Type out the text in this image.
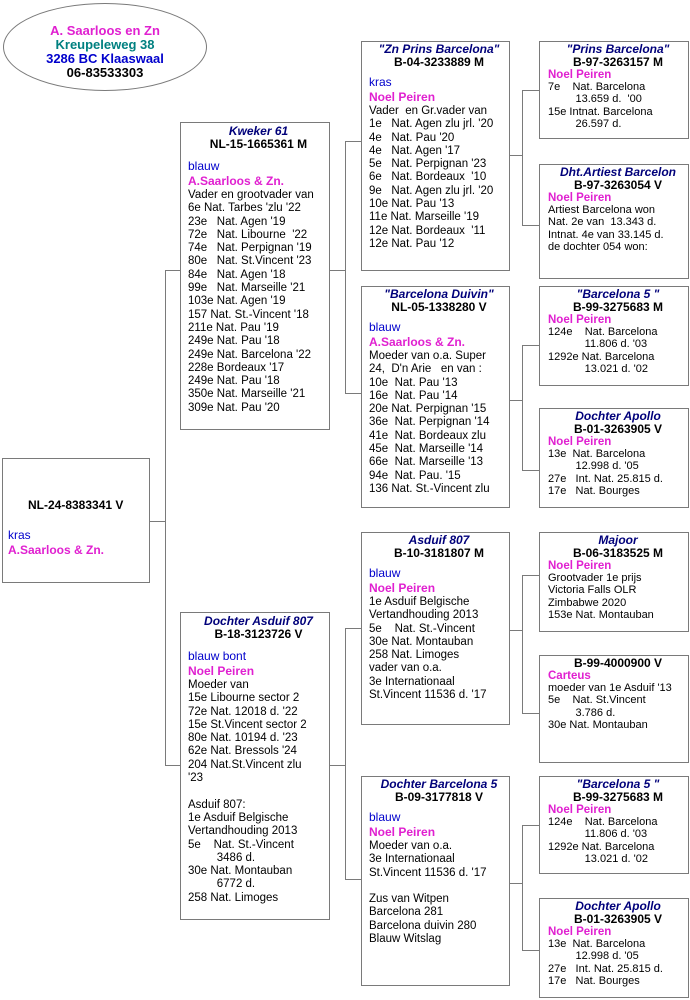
A. Saarloos en Zn
Kreupeleweg 38
3286 BC Klaaswaal
06-83533303
NL-24-8383341 V
kras
A.Saarloos & Zn.
Kweker 61
NL-15-1665361 M
blauw
A.Saarloos & Zn.
Vader en grootvader van
6e Nat. Tarbes 'zlu '22
23e   Nat. Agen '19
72e   Nat. Libourne  '22
74e   Nat. Perpignan '19
80e   Nat. St.Vincent '23
84e   Nat. Agen '18
99e   Nat. Marseille '21
103e Nat. Agen '19
157 Nat. St.-Vincent '18
211e Nat. Pau '19
249e Nat. Pau '18
249e Nat. Barcelona '22
228e Bordeaux '17
249e Nat. Pau '18
350e Nat. Marseille '21
309e Nat. Pau '20
Dochter Asduif 807
B-18-3123726 V
blauw bont
Noel Peiren
Moeder van
15e Libourne sector 2
72e Nat. 12018 d. '22
15e St.Vincent sector 2
80e Nat. 10194 d. '23
62e Nat. Bressols '24
204 Nat.St.Vincent zlu
'23

Asduif 807:
1e Asduif Belgische
Vertandhouding 2013
5e    Nat. St.-Vincent
3486 d.
30e Nat. Montauban
6772 d.
258 Nat. Limoges
"Zn Prins Barcelona"
B-04-3233889 M
kras
Noel Peiren
Vader  en Gr.vader van
1e   Nat. Agen zlu jrl. '20
4e   Nat. Pau '20
4e   Nat. Agen '17
5e   Nat. Perpignan '23
6e   Nat. Bordeaux  '10
9e   Nat. Agen zlu jrl. '20
10e Nat. Pau '13
11e Nat. Marseille '19
12e Nat. Bordeaux  '11
12e Nat. Pau '12
"Barcelona Duivin"
NL-05-1338280 V
blauw
A.Saarloos & Zn.
Moeder van o.a. Super
24,  D'n Arie   en van :
10e  Nat. Pau '13
16e  Nat. Pau '14
20e Nat. Perpignan '15
36e  Nat. Perpignan '14
41e  Nat. Bordeaux zlu
45e  Nat. Marseille '14
66e  Nat. Marseille '13
94e  Nat. Pau. '15
136 Nat. St.-Vincent zlu
Asduif 807
B-10-3181807 M
blauw
Noel Peiren
1e Asduif Belgische
Vertandhouding 2013
5e    Nat. St.-Vincent
30e Nat. Montauban
258 Nat. Limoges
vader van o.a.
3e Internationaal
St.Vincent 11536 d. '17
Dochter Barcelona 5
B-09-3177818 V
blauw
Noel Peiren
Moeder van o.a.
3e Internationaal
St.Vincent 11536 d. '17

Zus van Witpen
Barcelona 281
Barcelona duivin 280
Blauw Witslag
"Prins Barcelona"
B-97-3263157 M
Noel Peiren
7e    Nat. Barcelona
13.659 d.  '00
15e Intnat. Barcelona
26.597 d.
Dht.Artiest Barcelon
B-97-3263054 V
Noel Peiren
Artiest Barcelona won
Nat. 2e van  13.343 d.
Intnat. 4e van 33.145 d.
de dochter 054 won:
"Barcelona 5 "
B-99-3275683 M
Noel Peiren
124e    Nat. Barcelona
11.806 d. '03
1292e Nat. Barcelona
13.021 d. '02
Dochter Apollo
B-01-3263905 V
Noel Peiren
13e  Nat. Barcelona
12.998 d. '05
27e   Int. Nat. 25.815 d.
17e   Nat. Bourges
Majoor
B-06-3183525 M
Noel Peiren
Grootvader 1e prijs
Victoria Falls OLR
Zimbabwe 2020
153e Nat. Montauban
B-99-4000900 V
Carteus
moeder van 1e Asduif '13
5e    Nat. St.Vincent
3.786 d.
30e Nat. Montauban
"Barcelona 5 "
B-99-3275683 M
Noel Peiren
124e    Nat. Barcelona
11.806 d. '03
1292e Nat. Barcelona
13.021 d. '02
Dochter Apollo
B-01-3263905 V
Noel Peiren
13e  Nat. Barcelona
12.998 d. '05
27e   Int. Nat. 25.815 d.
17e   Nat. Bourges
